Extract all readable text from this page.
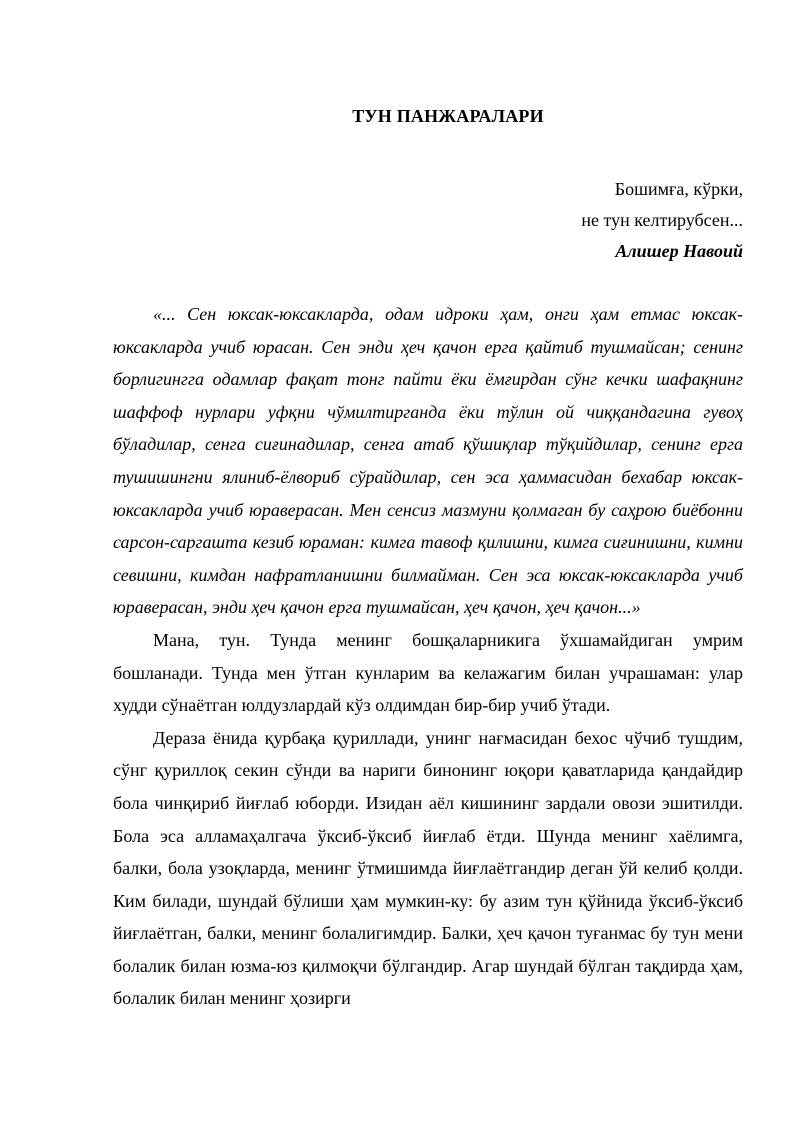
ТУН ПАНЖАРАЛАРИ
Бошимға, кўрки,
не тун келтирубсен...
Алишер Навоий

«... Сен юксак-юксакларда, одам идроки ҳам, онги ҳам етмас юксак-юксакларда учиб юрасан. Сен энди ҳеч қачон ерга қайтиб тушмайсан; сенинг борлигингга одамлар фақат тонг пайти ёки ёмғирдан сўнг кечки шафақнинг шаффоф нурлари уфқни чўмилтирганда ёки тўлин ой чиққандагина гувоҳ бўладилар, сенга сиғинадилар, сенга атаб қўшиқлар тўқийдилар, сенинг ерга тушишингни ялиниб-ёлвориб сўрайдилар, сен эса ҳаммасидан бехабар юксак-юксакларда учиб юраверасан. Мен сенсиз мазмуни қолмаган бу саҳрою биёбонни сарсон-саргашта кезиб юраман: кимга тавоф қилишни, кимга сиғинишни, кимни севишни, кимдан нафратланишни билмайман. Сен эса юксак-юксакларда учиб юраверасан, энди ҳеч қачон ерга тушмайсан, ҳеч қачон, ҳеч қачон...»

Мана, тун. Тунда менинг бошқаларникига ўхшамайдиган умрим бошланади. Тунда мен ўтган кунларим ва келажагим билан учрашаман: улар худди сўнаётган юлдузлардай кўз олдимдан бир-бир учиб ўтади.

Дераза ёнида қурбақа қуриллади, унинг нағмасидан бехос чўчиб тушдим, сўнг қуриллоқ секин сўнди ва нариги бинонинг юқори қаватларида қандайдир бола чинқириб йиғлаб юборди. Изидан аёл кишининг зардали овози эшитилди. Бола эса алламаҳалгача ўксиб-ўксиб йиғлаб ётди. Шунда менинг хаёлимга, балки, бола узоқларда, менинг ўтмишимда йиғлаётгандир деган ўй келиб қолди. Ким билади, шундай бўлиши ҳам мумкин-ку: бу азим тун қўйнида ўксиб-ўксиб йиғлаётган, балки, менинг болалигимдир. Балки, ҳеч қачон туғанмас бу тун мени болалик билан юзма-юз қилмоқчи бўлгандир. Агар шундай бўлган тақдирда ҳам, болалик билан менинг ҳозирги
